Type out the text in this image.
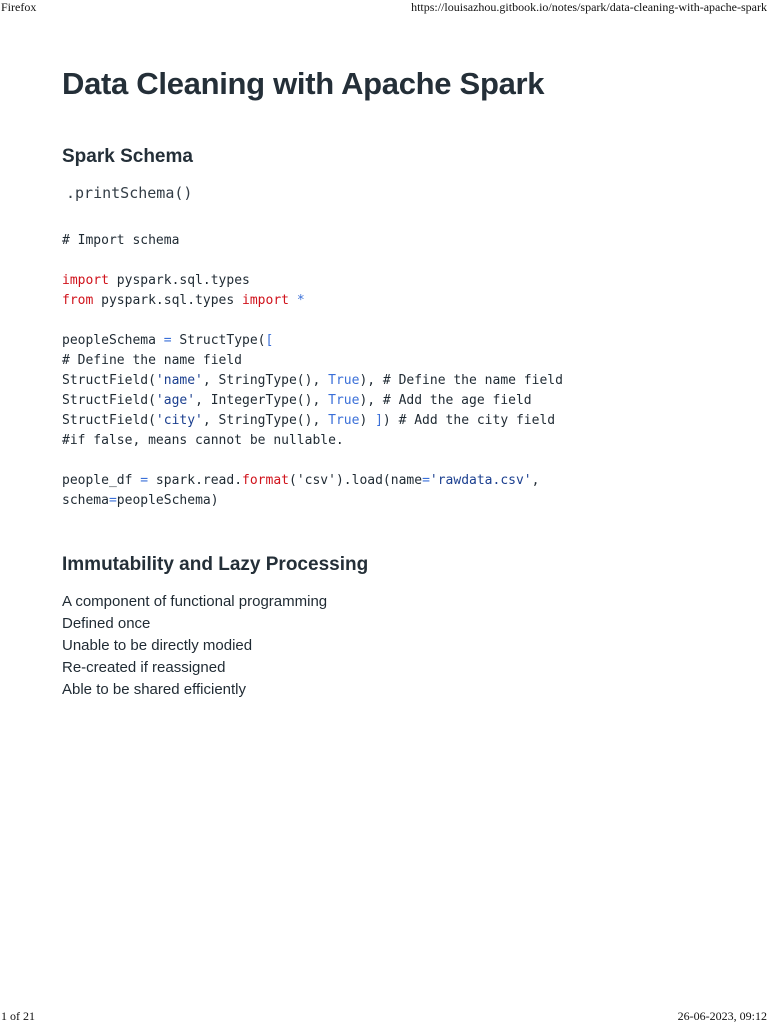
Firefox	https://louisazhou.gitbook.io/notes/spark/data-cleaning-with-apache-spark
Data Cleaning with Apache Spark
Spark Schema
.printSchema()
# Import schema

import pyspark.sql.types
from pyspark.sql.types import *

peopleSchema = StructType([
# Define the name field
StructField('name', StringType(), True), # Define the name field
StructField('age', IntegerType(), True), # Add the age field
StructField('city', StringType(), True) ]) # Add the city field
#if false, means cannot be nullable.

people_df = spark.read.format('csv').load(name='rawdata.csv',
schema=peopleSchema)
Immutability and Lazy Processing
A component of functional programming
Defined once
Unable to be directly modied
Re-created if reassigned
Able to be shared efficiently
1 of 21	26-06-2023, 09:12
